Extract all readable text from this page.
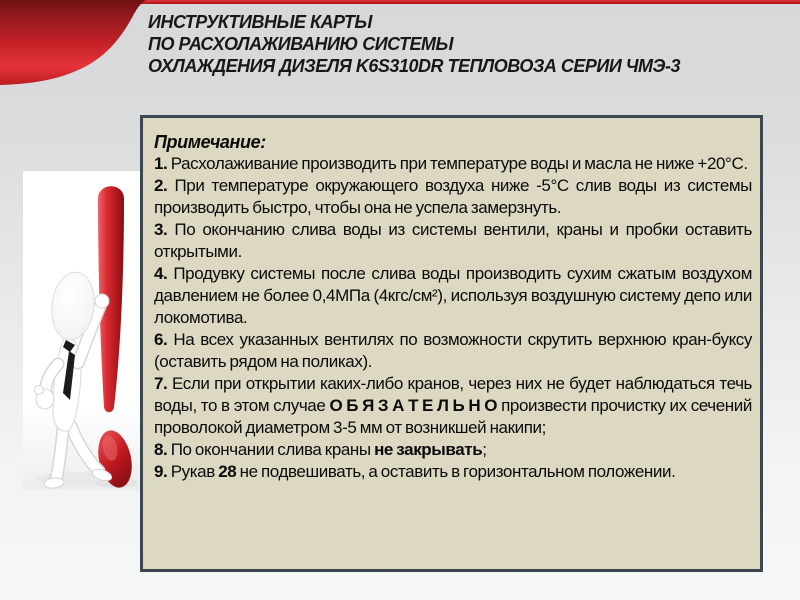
ИНСТРУКТИВНЫЕ КАРТЫ
ПО РАСХОЛАЖИВАНИЮ СИСТЕМЫ
ОХЛАЖДЕНИЯ ДИЗЕЛЯ K6S310DR ТЕПЛОВОЗА СЕРИИ ЧМЭ-3

Примечание:

1. Расхолаживание производить при температуре воды и масла не ниже +20°С.

2. При температуре окружающего воздуха ниже -5°С слив воды из системы производить быстро, чтобы она не успела замерзнуть.

3. По окончанию слива воды из системы вентили, краны и пробки оставить открытыми.

4. Продувку системы после слива воды производить сухим сжатым воздухом давлением не более 0,4МПа (4кгс/см²), используя воздушную систему депо или локомотива.

6. На всех указанных вентилях по возможности скрутить верхнюю кран-буксу (оставить рядом на поликах).

7. Если при открытии каких-либо кранов, через них не будет наблюдаться течь воды, то в этом случае О Б Я З А Т Е Л Ь Н О произвести прочистку их сечений проволокой диаметром 3-5 мм от возникшей накипи;

8. По окончании слива краны не закрывать;

9. Рукав 28 не подвешивать, а оставить в горизонтальном положении.
